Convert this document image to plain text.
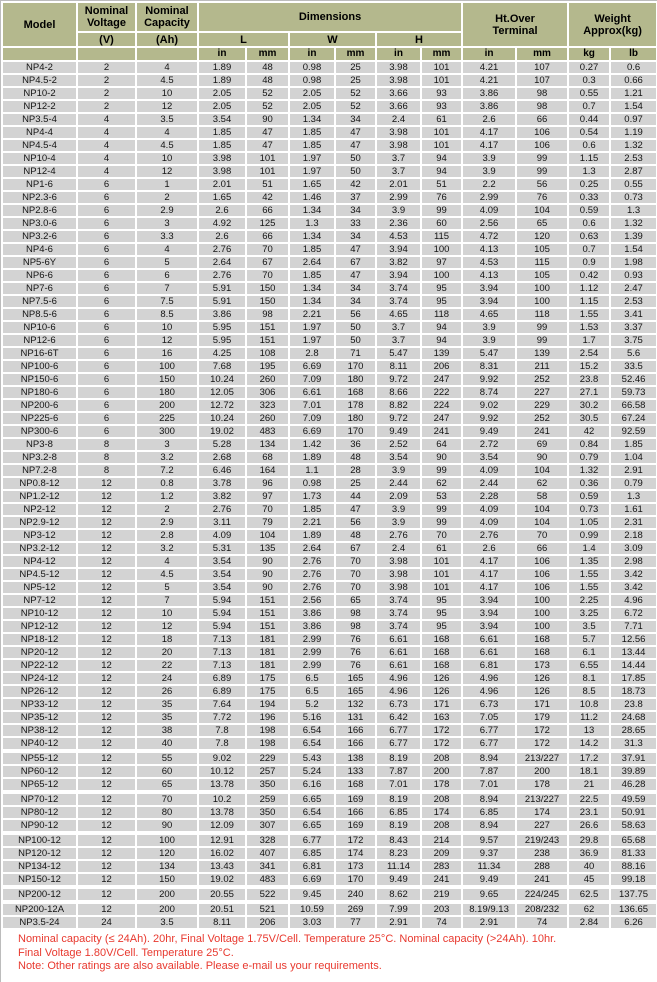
Model	Nominal Voltage	Nominal Capacity	Dimensions						Ht.Over Terminal		Weight Approx(kg)	
	(V)	(Ah)	L		W		H					
			in	mm	in	mm	in	mm	in	mm	kg	lb
NP4-2	2	4	1.89	48	0.98	25	3.98	101	4.21	107	0.27	0.6
NP4.5-2	2	4.5	1.89	48	0.98	25	3.98	101	4.21	107	0.3	0.66
NP10-2	2	10	2.05	52	2.05	52	3.66	93	3.86	98	0.55	1.21
NP12-2	2	12	2.05	52	2.05	52	3.66	93	3.86	98	0.7	1.54
NP3.5-4	4	3.5	3.54	90	1.34	34	2.4	61	2.6	66	0.44	0.97
NP4-4	4	4	1.85	47	1.85	47	3.98	101	4.17	106	0.54	1.19
NP4.5-4	4	4.5	1.85	47	1.85	47	3.98	101	4.17	106	0.6	1.32
NP10-4	4	10	3.98	101	1.97	50	3.7	94	3.9	99	1.15	2.53
NP12-4	4	12	3.98	101	1.97	50	3.7	94	3.9	99	1.3	2.87
NP1-6	6	1	2.01	51	1.65	42	2.01	51	2.2	56	0.25	0.55
NP2.3-6	6	2	1.65	42	1.46	37	2.99	76	2.99	76	0.33	0.73
NP2.8-6	6	2.9	2.6	66	1.34	34	3.9	99	4.09	104	0.59	1.3
NP3.0-6	6	3	4.92	125	1.3	33	2.36	60	2.56	65	0.6	1.32
NP3.2-6	6	3.3	2.6	66	1.34	34	4.53	115	4.72	120	0.63	1.39
NP4-6	6	4	2.76	70	1.85	47	3.94	100	4.13	105	0.7	1.54
NP5-6Y	6	5	2.64	67	2.64	67	3.82	97	4.53	115	0.9	1.98
NP6-6	6	6	2.76	70	1.85	47	3.94	100	4.13	105	0.42	0.93
NP7-6	6	7	5.91	150	1.34	34	3.74	95	3.94	100	1.12	2.47
NP7.5-6	6	7.5	5.91	150	1.34	34	3.74	95	3.94	100	1.15	2.53
NP8.5-6	6	8.5	3.86	98	2.21	56	4.65	118	4.65	118	1.55	3.41
NP10-6	6	10	5.95	151	1.97	50	3.7	94	3.9	99	1.53	3.37
NP12-6	6	12	5.95	151	1.97	50	3.7	94	3.9	99	1.7	3.75
NP16-6T	6	16	4.25	108	2.8	71	5.47	139	5.47	139	2.54	5.6
NP100-6	6	100	7.68	195	6.69	170	8.11	206	8.31	211	15.2	33.5
NP150-6	6	150	10.24	260	7.09	180	9.72	247	9.92	252	23.8	52.46
NP180-6	6	180	12.05	306	6.61	168	8.66	222	8.74	227	27.1	59.73
NP200-6	6	200	12.72	323	7.01	178	8.82	224	9.02	229	30.2	66.58
NP225-6	6	225	10.24	260	7.09	180	9.72	247	9.92	252	30.5	67.24
NP300-6	6	300	19.02	483	6.69	170	9.49	241	9.49	241	42	92.59
NP3-8	8	3	5.28	134	1.42	36	2.52	64	2.72	69	0.84	1.85
NP3.2-8	8	3.2	2.68	68	1.89	48	3.54	90	3.54	90	0.79	1.04
NP7.2-8	8	7.2	6.46	164	1.1	28	3.9	99	4.09	104	1.32	2.91
NP0.8-12	12	0.8	3.78	96	0.98	25	2.44	62	2.44	62	0.36	0.79
NP1.2-12	12	1.2	3.82	97	1.73	44	2.09	53	2.28	58	0.59	1.3
NP2-12	12	2	2.76	70	1.85	47	3.9	99	4.09	104	0.73	1.61
NP2.9-12	12	2.9	3.11	79	2.21	56	3.9	99	4.09	104	1.05	2.31
NP3-12	12	2.8	4.09	104	1.89	48	2.76	70	2.76	70	0.99	2.18
NP3.2-12	12	3.2	5.31	135	2.64	67	2.4	61	2.6	66	1.4	3.09
NP4-12	12	4	3.54	90	2.76	70	3.98	101	4.17	106	1.35	2.98
NP4.5-12	12	4.5	3.54	90	2.76	70	3.98	101	4.17	106	1.55	3.42
NP5-12	12	5	3.54	90	2.76	70	3.98	101	4.17	106	1.55	3.42
NP7-12	12	7	5.94	151	2.56	65	3.74	95	3.94	100	2.25	4.96
NP10-12	12	10	5.94	151	3.86	98	3.74	95	3.94	100	3.25	6.72
NP12-12	12	12	5.94	151	3.86	98	3.74	95	3.94	100	3.5	7.71
NP18-12	12	18	7.13	181	2.99	76	6.61	168	6.61	168	5.7	12.56
NP20-12	12	20	7.13	181	2.99	76	6.61	168	6.61	168	6.1	13.44
NP22-12	12	22	7.13	181	2.99	76	6.61	168	6.81	173	6.55	14.44
NP24-12	12	24	6.89	175	6.5	165	4.96	126	4.96	126	8.1	17.85
NP26-12	12	26	6.89	175	6.5	165	4.96	126	4.96	126	8.5	18.73
NP33-12	12	35	7.64	194	5.2	132	6.73	171	6.73	171	10.8	23.8
NP35-12	12	35	7.72	196	5.16	131	6.42	163	7.05	179	11.2	24.68
NP38-12	12	38	7.8	198	6.54	166	6.77	172	6.77	172	13	28.65
NP40-12	12	40	7.8	198	6.54	166	6.77	172	6.77	172	14.2	31.3
NP55-12	12	55	9.02	229	5.43	138	8.19	208	8.94	213/227	17.2	37.91
NP60-12	12	60	10.12	257	5.24	133	7.87	200	7.87	200	18.1	39.89
NP65-12	12	65	13.78	350	6.16	168	7.01	178	7.01	178	21	46.28
NP70-12	12	70	10.2	259	6.65	169	8.19	208	8.94	213/227	22.5	49.59
NP80-12	12	80	13.78	350	6.54	166	6.85	174	6.85	174	23.1	50.91
NP90-12	12	90	12.09	307	6.65	169	8.19	208	8.94	227	26.6	58.63
NP100-12	12	100	12.91	328	6.77	172	8.43	214	9.57	219/243	29.8	65.68
NP120-12	12	120	16.02	407	6.85	174	8.23	209	9.37	238	36.9	81.33
NP134-12	12	134	13.43	341	6.81	173	11.14	283	11.34	288	40	88.16
NP150-12	12	150	19.02	483	6.69	170	9.49	241	9.49	241	45	99.18
NP200-12	12	200	20.55	522	9.45	240	8.62	219	9.65	224/245	62.5	137.75
NP200-12A	12	200	20.51	521	10.59	269	7.99	203	8.19/9.13	208/232	62	136.65
NP3.5-24	24	3.5	8.11	206	3.03	77	2.91	74	2.91	74	2.84	6.26
Nominal capacity (≤ 24Ah). 20hr, Final Voltage 1.75V/Cell. Temperature 25°C. Nominal capacity (>24Ah). 10hr.
Final Voltage 1.80V/Cell. Temperature 25°C.
Note: Other ratings are also available. Please e-mail us your requirements.
